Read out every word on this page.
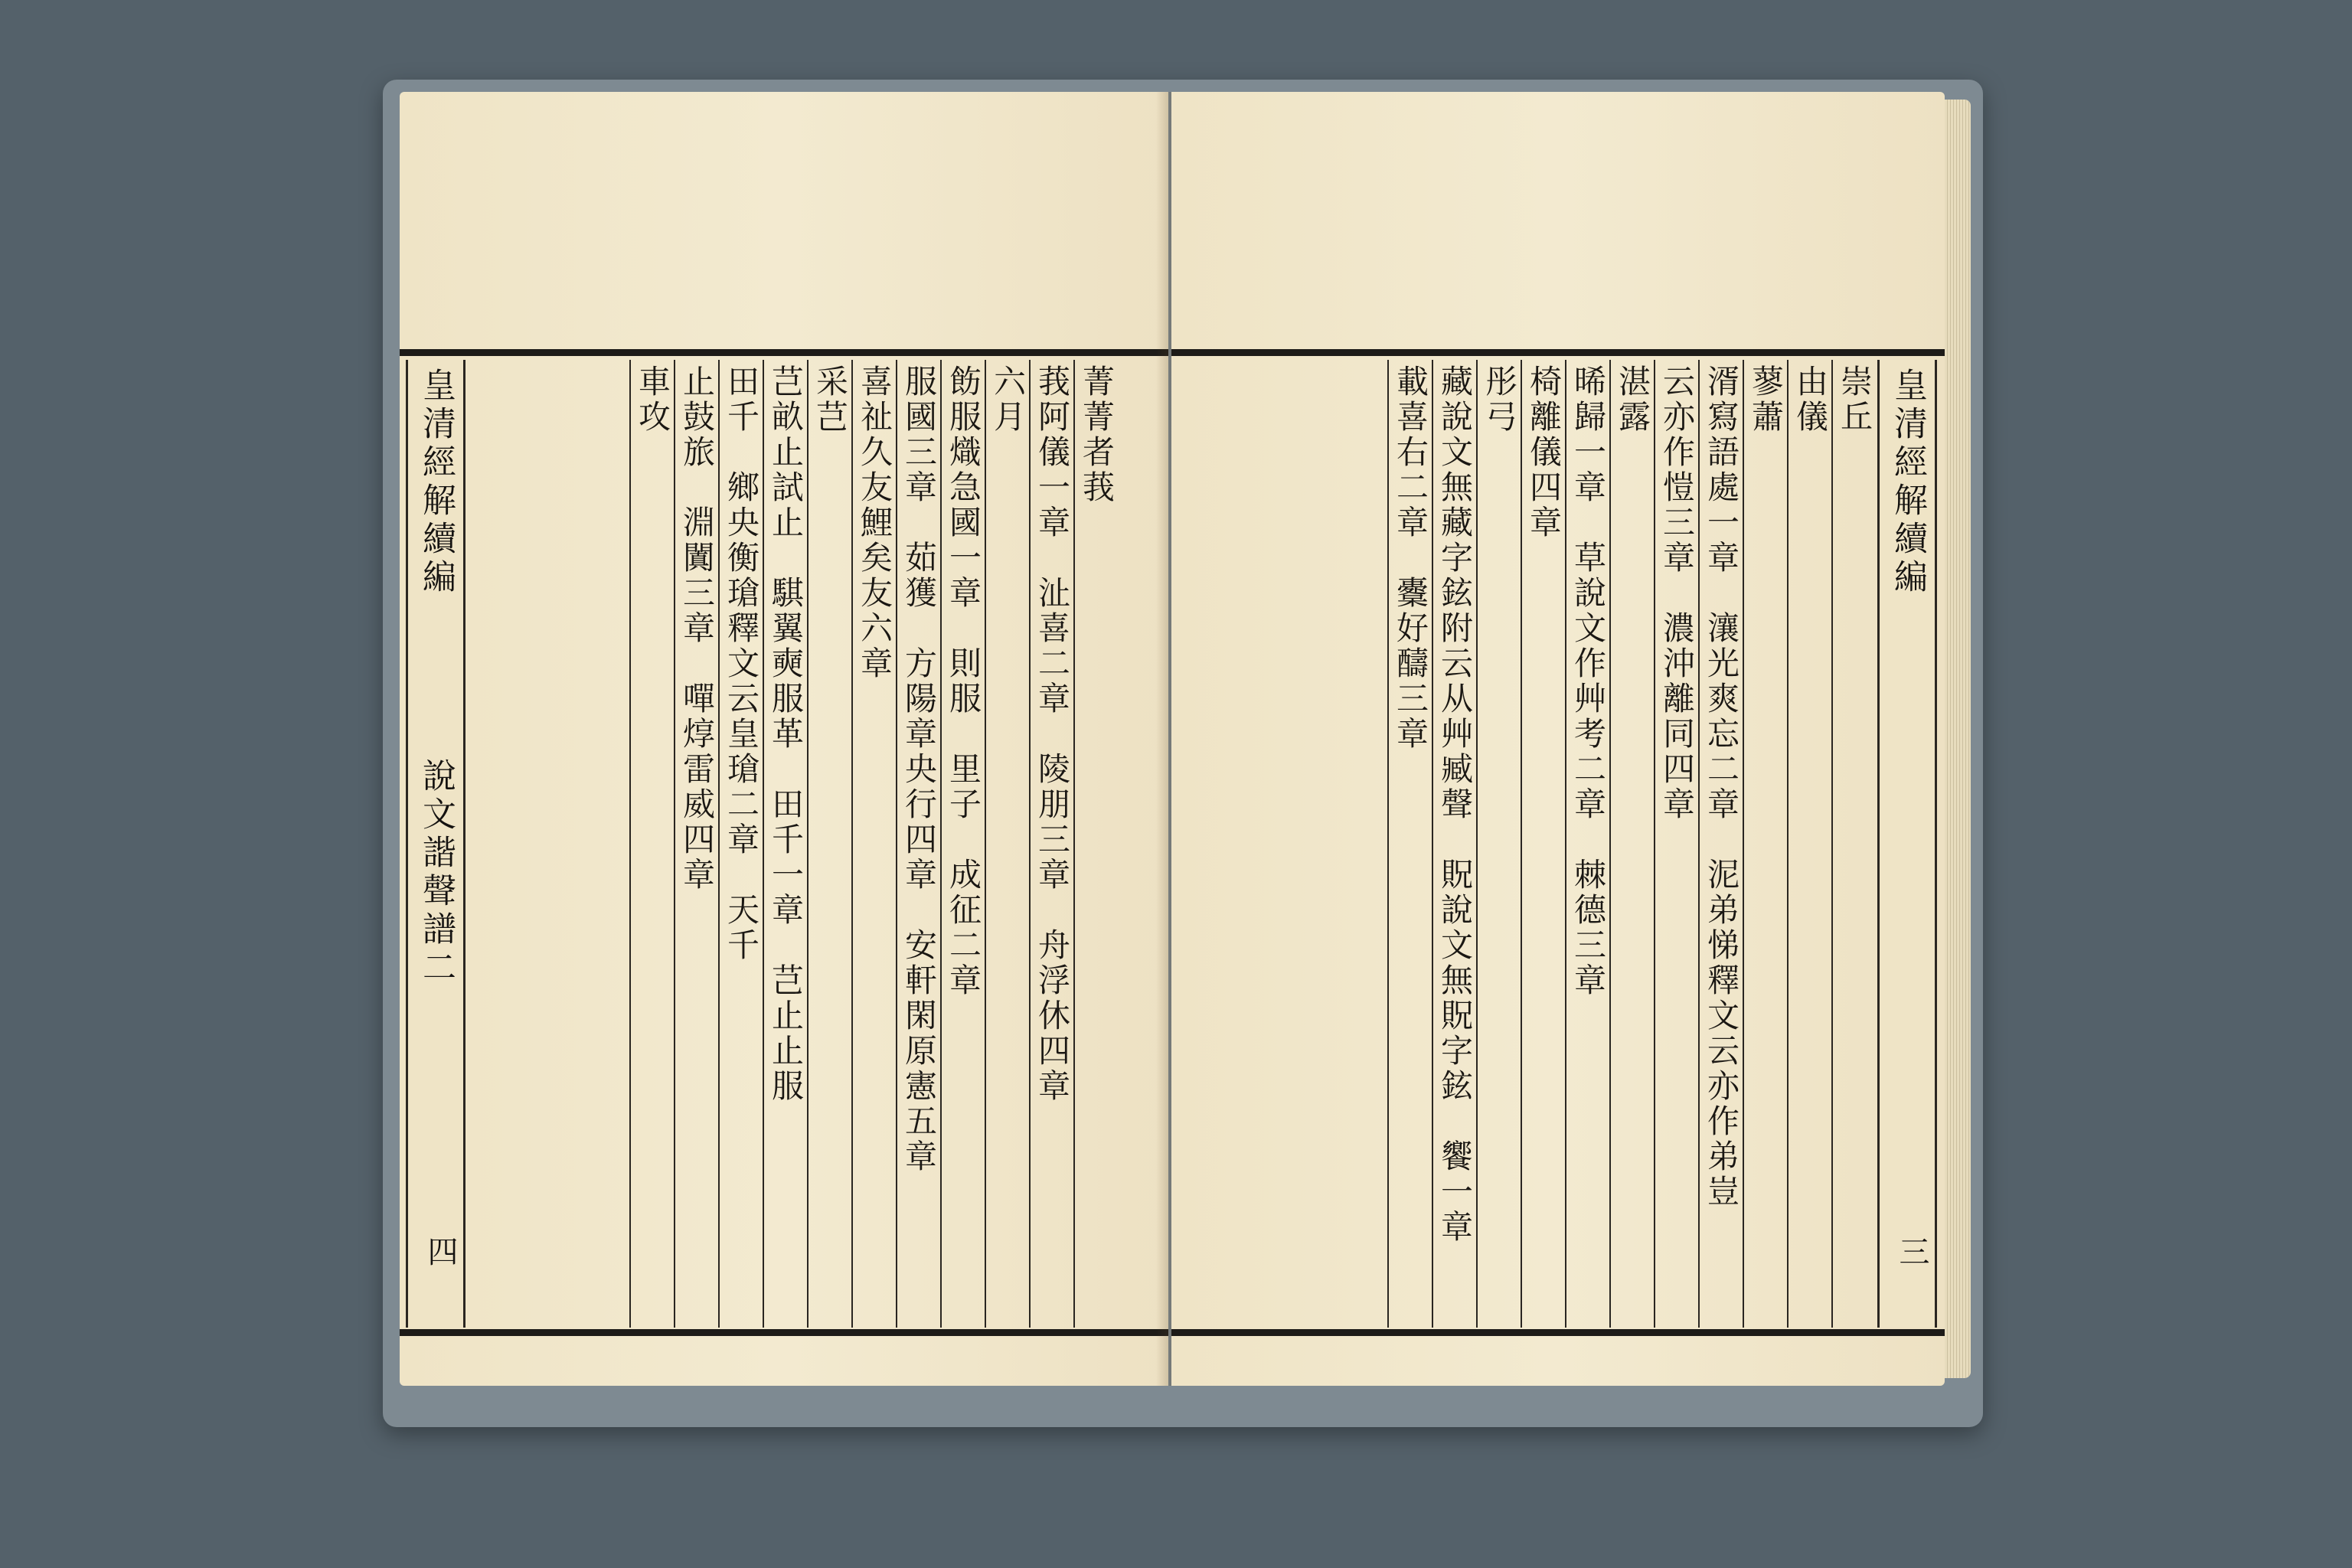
菁菁者莪
莪阿儀一章　沚喜二章　陵朋三章　舟浮休四章
六月
飭服熾急國一章　則服　里子　成征二章
服國三章　茹獲　方陽章央行四章　安軒閑原憲五章
喜祉久友鯉矣友六章
采芑
芑畝止試止　騏翼奭服革　田千一章　芑止止服
田千　鄉央衡瑲釋文云皇瑲二章　天千
止鼓旅　淵闐三章　嘽焞雷威四章
車攻
皇清經解續編
說文諧聲譜二
四
皇清經解續編
三
崇丘
由儀
蓼蕭
湑寫語處一章　瀼光爽忘二章　泥弟悌釋文云亦作弟豈
云亦作愷三章　濃沖離同四章
湛露
晞歸一章　草說文作艸考二章　棘德三章
椅離儀四章
彤弓
藏說文無藏字鉉附云从艸臧聲　貺說文無貺字鉉　饗一章
載喜右二章　櫜好醻三章
